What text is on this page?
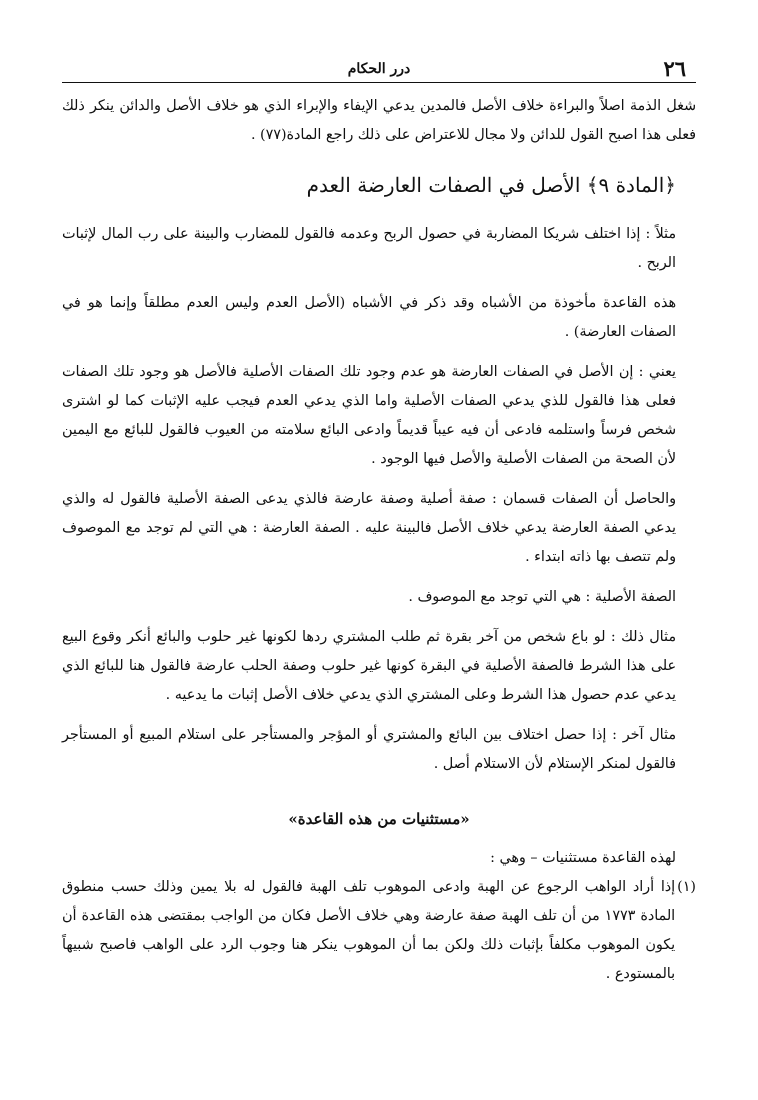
٢٦
درر الحكام

شغل الذمة اصلاً والبراءة خلاف الأصل فالمدين يدعي الإيفاء والإبراء الذي هو خلاف الأصل والدائن ينكر ذلك فعلى هذا اصبح القول للدائن ولا مجال للاعتراض على ذلك راجع المادة(٧٧) .

﴿المادة ٩﴾ الأصل في الصفات العارضة العدم

مثلاً : إذا اختلف شريكا المضاربة في حصول الربح وعدمه فالقول للمضارب والبينة على رب المال لإثبات الربح .

هذه القاعدة مأخوذة من الأشباه وقد ذكر في الأشباه (الأصل العدم وليس العدم مطلقاً وإنما هو في الصفات العارضة) .

يعني : إن الأصل في الصفات العارضة هو عدم وجود تلك الصفات الأصلية فالأصل هو وجود تلك الصفات فعلى هذا فالقول للذي يدعي الصفات الأصلية واما الذي يدعي العدم فيجب عليه الإثبات كما لو اشترى شخص فرساً واستلمه فادعى أن فيه عيباً قديماً وادعى البائع سلامته من العيوب فالقول للبائع مع اليمين لأن الصحة من الصفات الأصلية والأصل فيها الوجود .

والحاصل أن الصفات قسمان : صفة أصلية وصفة عارضة فالذي يدعى الصفة الأصلية فالقول له والذي يدعي الصفة العارضة يدعي خلاف الأصل فالبينة عليه . الصفة العارضة : هي التي لم توجد مع الموصوف ولم تتصف بها ذاته ابتداء .

الصفة الأصلية : هي التي توجد مع الموصوف .

مثال ذلك : لو باع شخص من آخر بقرة ثم طلب المشتري ردها لكونها غير حلوب والبائع أنكر وقوع البيع على هذا الشرط فالصفة الأصلية في البقرة كونها غير حلوب وصفة الحلب عارضة فالقول هنا للبائع الذي يدعي عدم حصول هذا الشرط وعلى المشتري الذي يدعي خلاف الأصل إثبات ما يدعيه .

مثال آخر : إذا حصل اختلاف بين البائع والمشتري أو المؤجر والمستأجر على استلام المبيع أو المستأجر فالقول لمنكر الإستلام لأن الاستلام أصل .

«مستثنيات من هذه القاعدة»

لهذه القاعدة مستثنيات – وهي :

(١)
إذا أراد الواهب الرجوع عن الهبة وادعى الموهوب تلف الهبة فالقول له بلا يمين وذلك حسب منطوق المادة ١٧٧٣ من أن تلف الهبة صفة عارضة وهي خلاف الأصل فكان من الواجب بمقتضى هذه القاعدة أن يكون الموهوب مكلفاً بإثبات ذلك ولكن بما أن الموهوب ينكر هنا وجوب الرد على الواهب فاصبح شبيهاً بالمستودع .
